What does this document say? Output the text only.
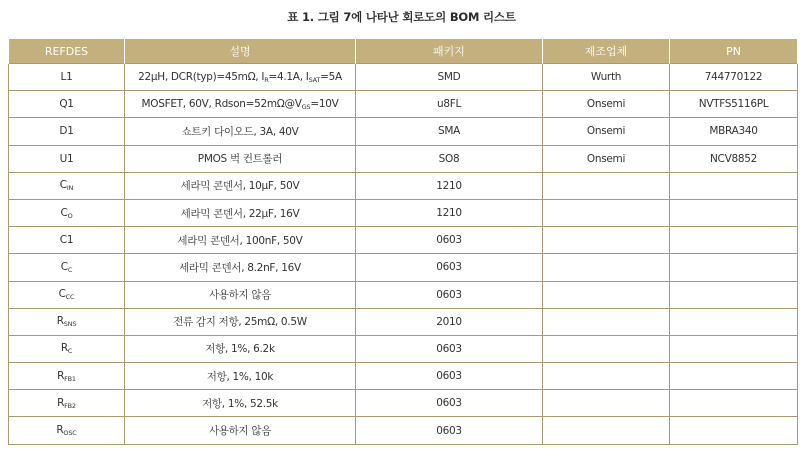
표 1. 그림 7에 나타난 회로도의 BOM 리스트
REFDES	설명	패키지	제조업체	PN
L1	22μH, DCR(typ)=45mΩ, $I_R=4.1A$, $I_{SAT}=5A$	SMD	Wurth	744770122
Q1	MOSFET, 60V, $Rdson=52m\Omega@V_{GS}=10V$	u8FL	Onsemi	NVTFS5116PL
D1	쇼트키 다이오드, 3A, 40V	SMA	Onsemi	MBRA340
U1	PMOS 벅 컨트롤러	SO8	Onsemi	NCV8852
$C_{IN}$	세라믹 콘덴서, 10μF, 50V	1210		
$C_O$	세라믹 콘덴서, 22μF, 16V	1210		
C1	세라믹 콘덴서, 100nF, 50V	0603		
$C_C$	세라믹 콘덴서, 8.2nF, 16V	0603		
$C_{CC}$	사용하지 않음	0603		
$R_{SNS}$	전류 감지 저항, 25mΩ, 0.5W	2010		
$R_C$	저항, 1%, 6.2k	0603		
$R_{FB1}$	저항, 1%, 10k	0603		
$R_{FB2}$	저항, 1%, 52.5k	0603		
$R_{OSC}$	사용하지 않음	0603		
